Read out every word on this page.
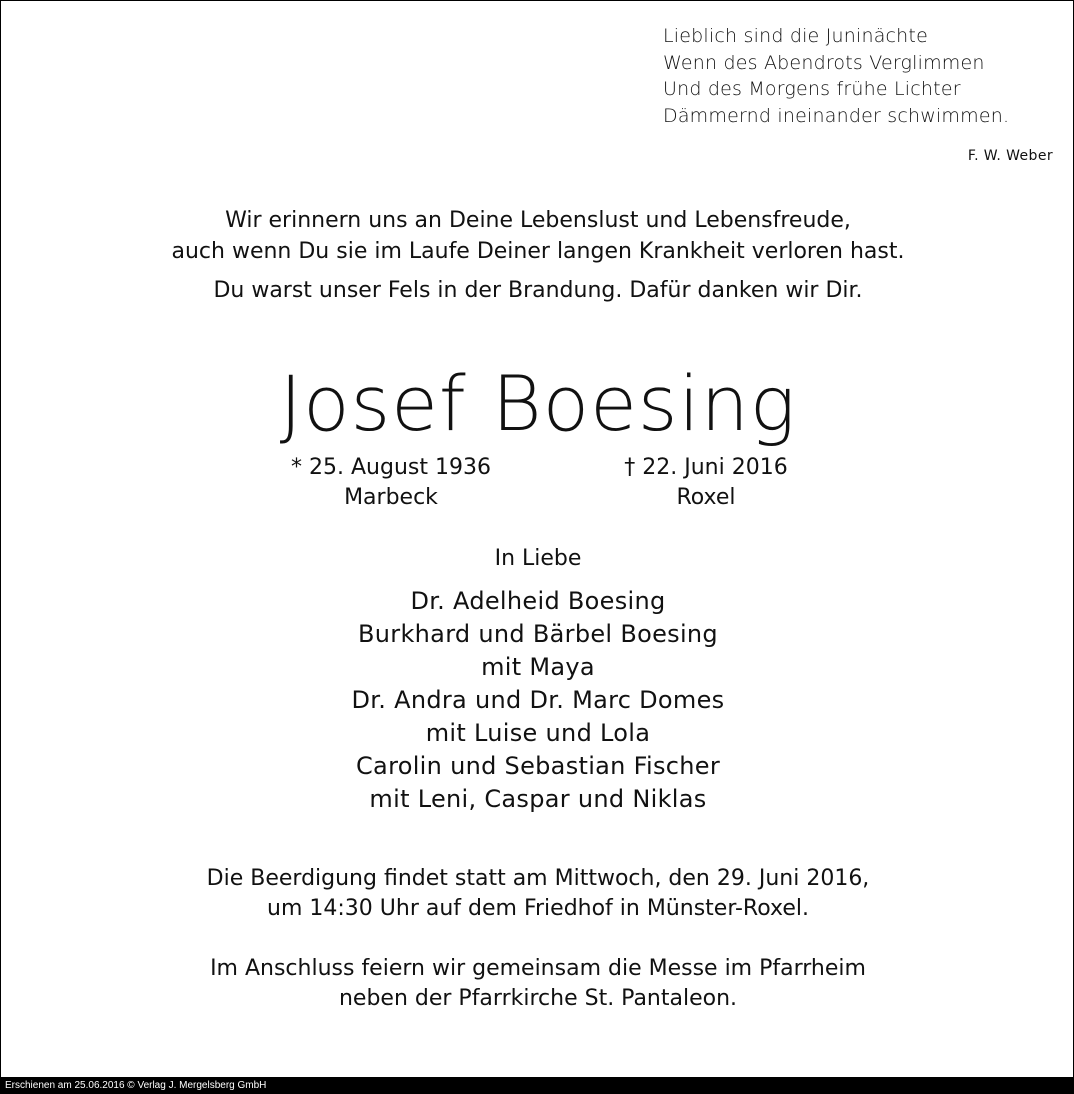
Lieblich sind die Juninächte
Wenn des Abendrots Verglimmen
Und des Morgens frühe Lichter
Dämmernd ineinander schwimmen.
F. W. Weber
Wir erinnern uns an Deine Lebenslust und Lebensfreude,
auch wenn Du sie im Laufe Deiner langen Krankheit verloren hast.
Du warst unser Fels in der Brandung. Dafür danken wir Dir.
Josef Boesing
* 25. August 1936
Marbeck
† 22. Juni 2016
Roxel
In Liebe
Dr. Adelheid Boesing
Burkhard und Bärbel Boesing
mit Maya
Dr. Andra und Dr. Marc Domes
mit Luise und Lola
Carolin und Sebastian Fischer
mit Leni, Caspar und Niklas
Die Beerdigung findet statt am Mittwoch, den 29. Juni 2016,
um 14:30 Uhr auf dem Friedhof in Münster-Roxel.
Im Anschluss feiern wir gemeinsam die Messe im Pfarrheim
neben der Pfarrkirche St. Pantaleon.
Erschienen am 25.06.2016 © Verlag J. Mergelsberg GmbH
